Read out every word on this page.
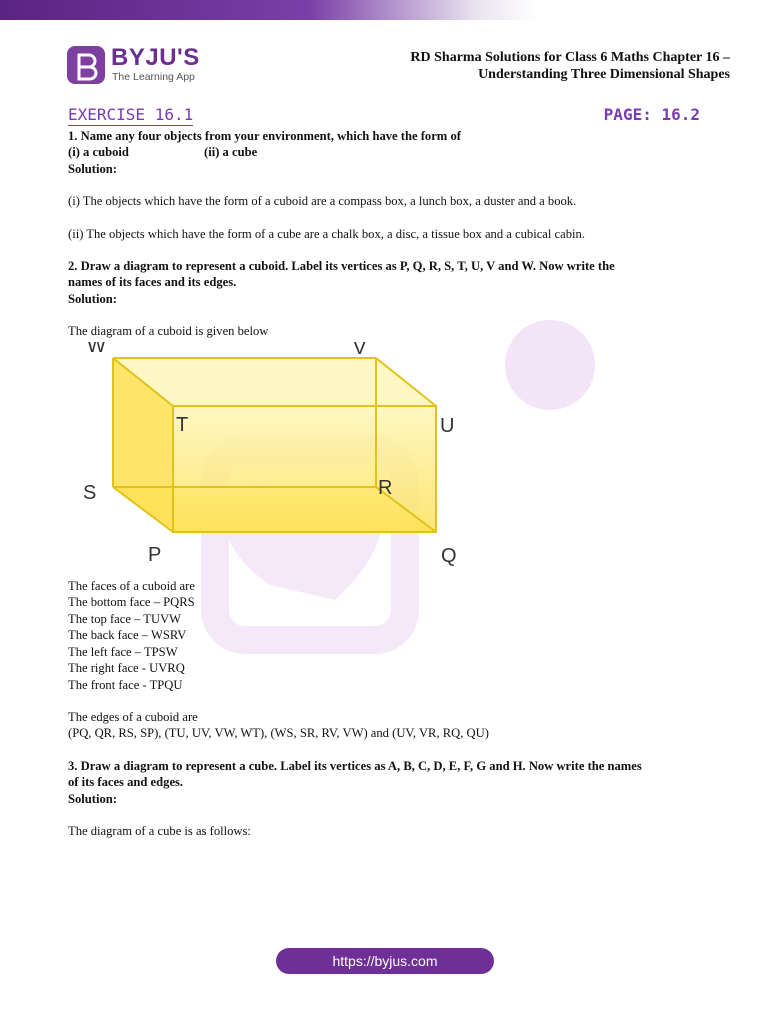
BYJU'S
The Learning App
RD Sharma Solutions for Class 6 Maths Chapter 16 –
Understanding Three Dimensional Shapes
EXERCISE 16.1	PAGE: 16.2

1. Name any four objects from your environment, which have the form of

(i) a cuboid	(ii) a cube

Solution:

(i) The objects which have the form of a cuboid are a compass box, a lunch box, a duster and a book.

(ii) The objects which have the form of a cube are a chalk box, a disc, a tissue box and a cubical cabin.

2. Draw a diagram to represent a cuboid. Label its vertices as P, Q, R, S, T, U, V and W. Now write the

names of its faces and its edges.

Solution:

The diagram of a cuboid is given below

W	V
T	U
S	R
P	Q

The faces of a cuboid are

The bottom face – PQRS

The top face – TUVW

The back face – WSRV

The left face – TPSW

The right face - UVRQ

The front face - TPQU

The edges of a cuboid are

(PQ, QR, RS, SP), (TU, UV, VW, WT), (WS, SR, RV, VW) and (UV, VR, RQ, QU)

3. Draw a diagram to represent a cube. Label its vertices as A, B, C, D, E, F, G and H. Now write the names

of its faces and edges.

Solution:

The diagram of a cube is as follows:

https://byjus.com
